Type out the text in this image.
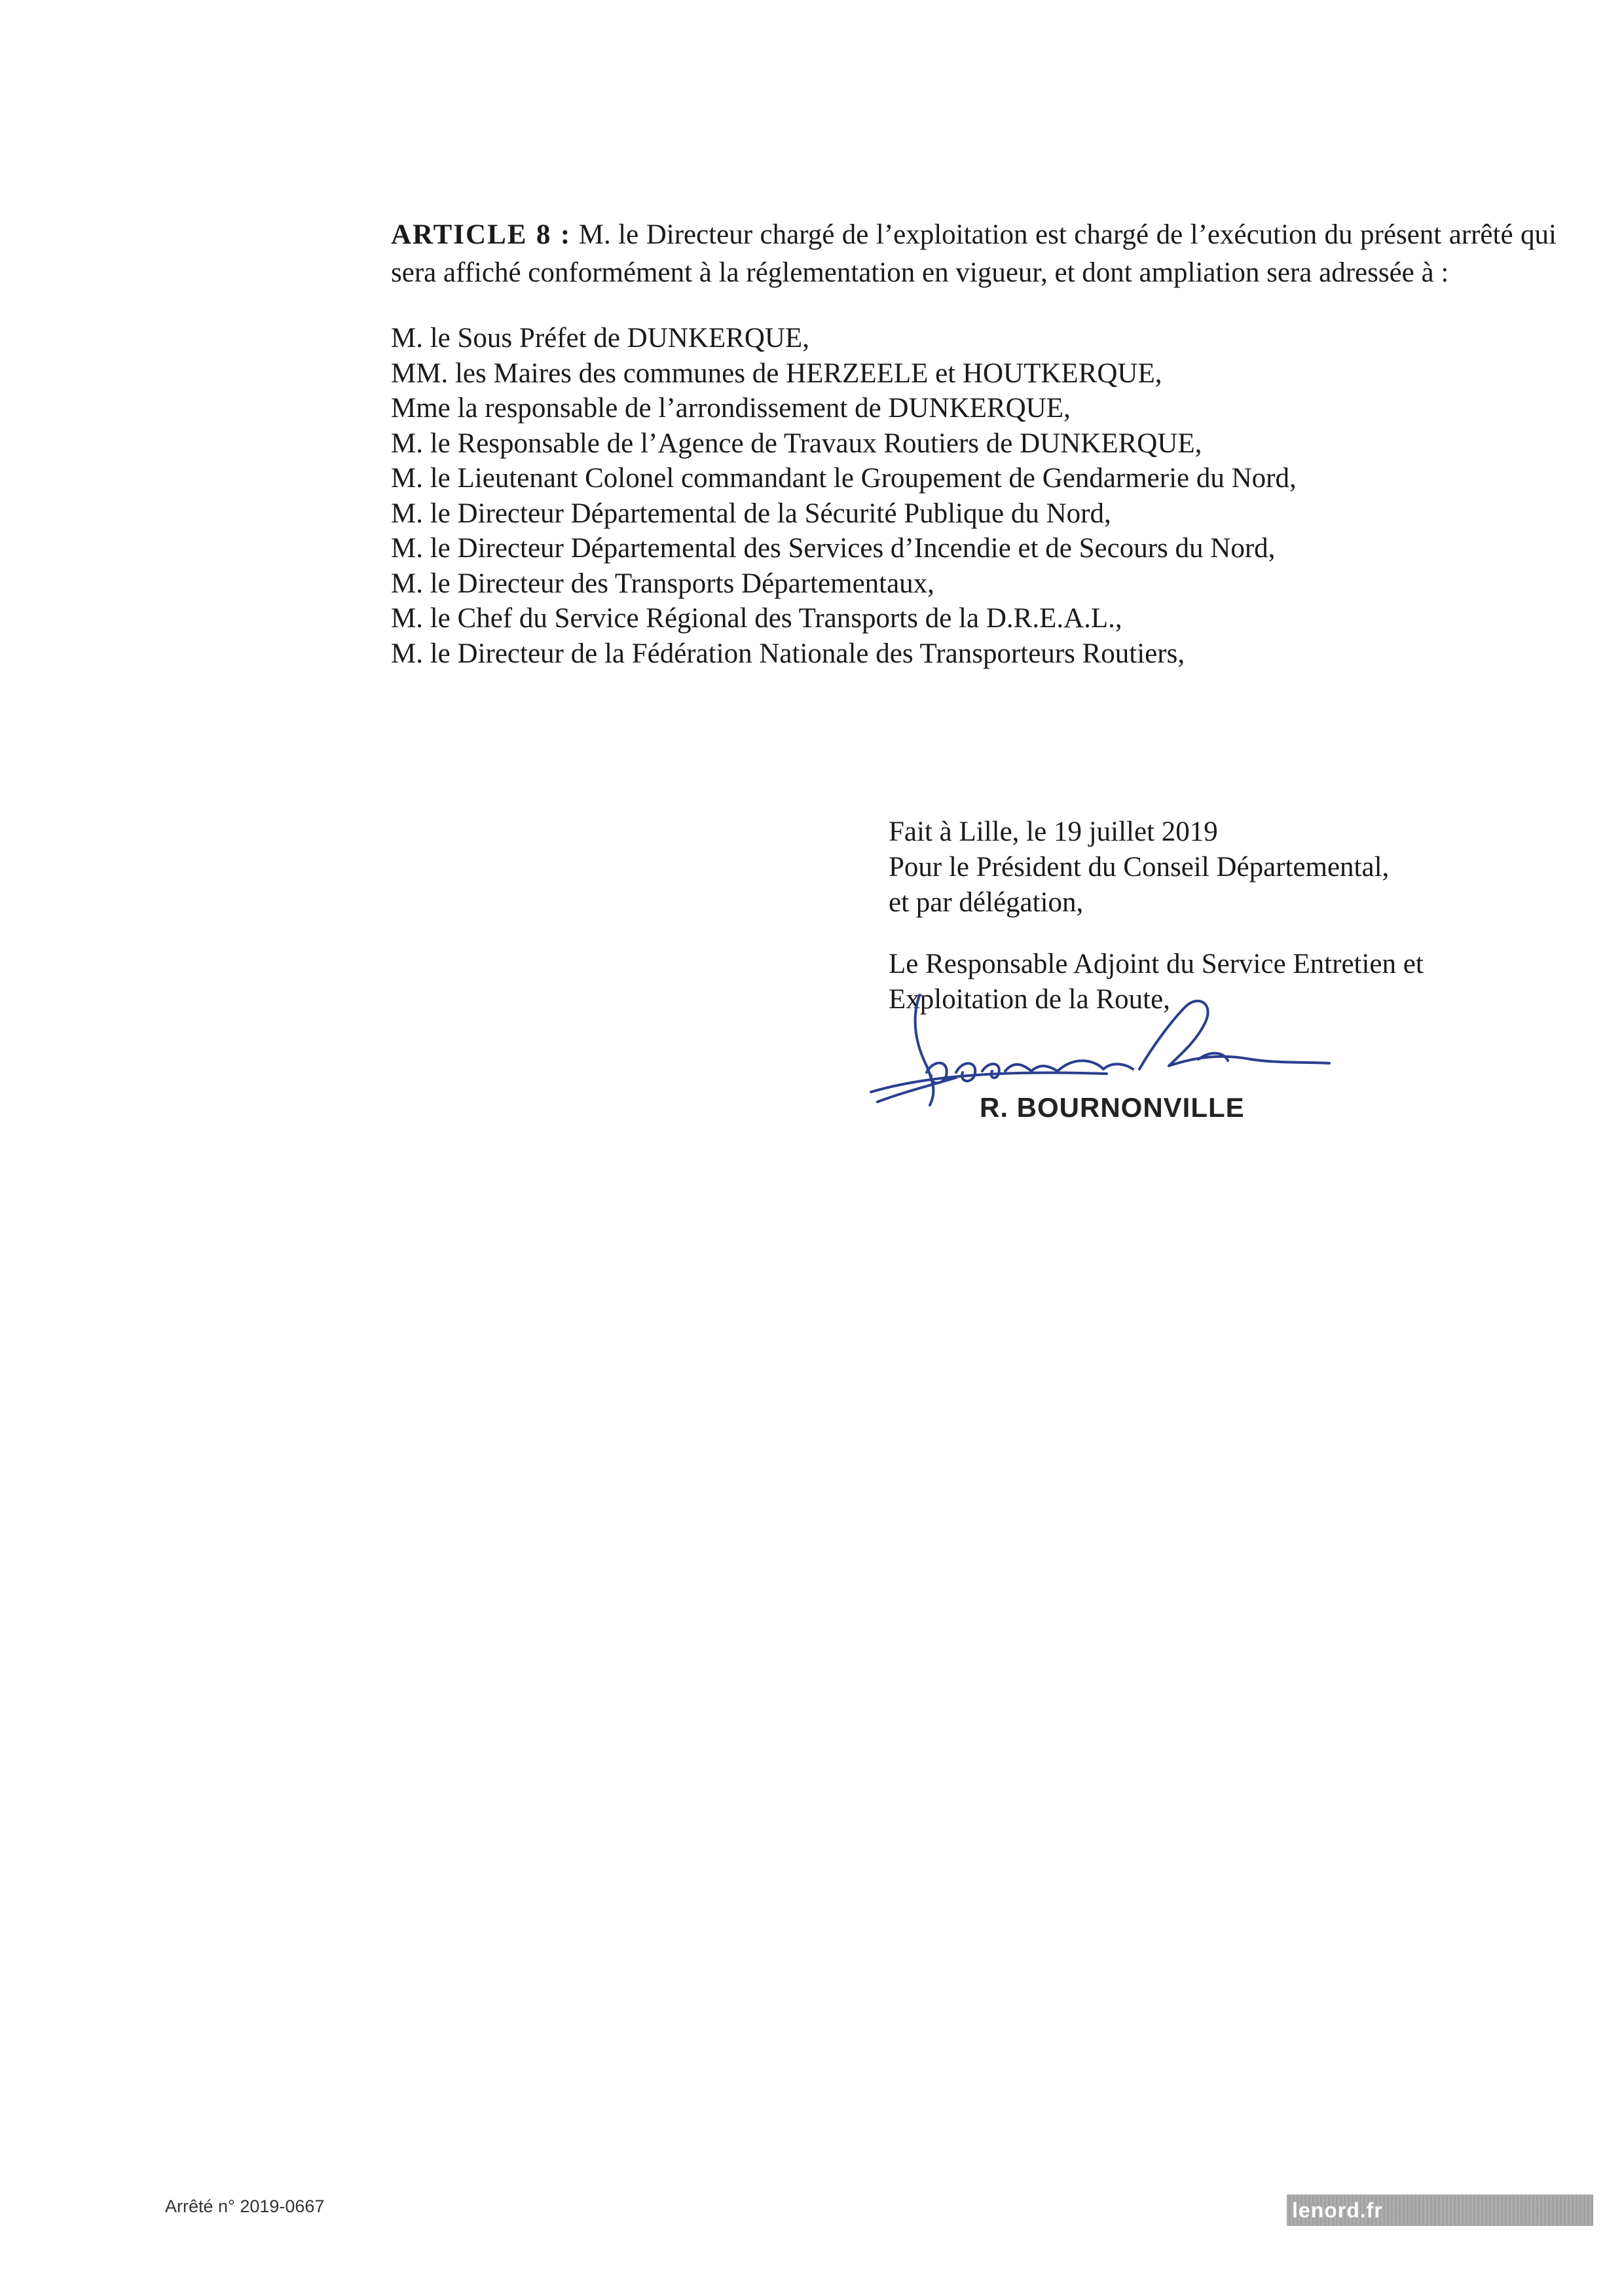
ARTICLE 8 : M. le Directeur chargé de l’exploitation est chargé de l’exécution du présent arrêté qui sera affiché conformément à la réglementation en vigueur, et dont ampliation sera adressée à :
M. le Sous Préfet de DUNKERQUE,
MM. les Maires des communes de HERZEELE et HOUTKERQUE,
Mme la responsable de l’arrondissement de DUNKERQUE,
M. le Responsable de l’Agence de Travaux Routiers de DUNKERQUE,
M. le Lieutenant Colonel commandant le Groupement de Gendarmerie du Nord,
M. le Directeur Départemental de la Sécurité Publique du Nord,
M. le Directeur Départemental des Services d’Incendie et de Secours du Nord,
M. le Directeur des Transports Départementaux,
M. le Chef du Service Régional des Transports de la D.R.E.A.L.,
M. le Directeur de la Fédération Nationale des Transporteurs Routiers,
Fait à Lille, le 19 juillet 2019
Pour le Président du Conseil Départemental,
et par délégation,
Le Responsable Adjoint du Service Entretien et
Exploitation de la Route,
R. BOURNONVILLE
Arrêté n° 2019-0667	lenord.fr
